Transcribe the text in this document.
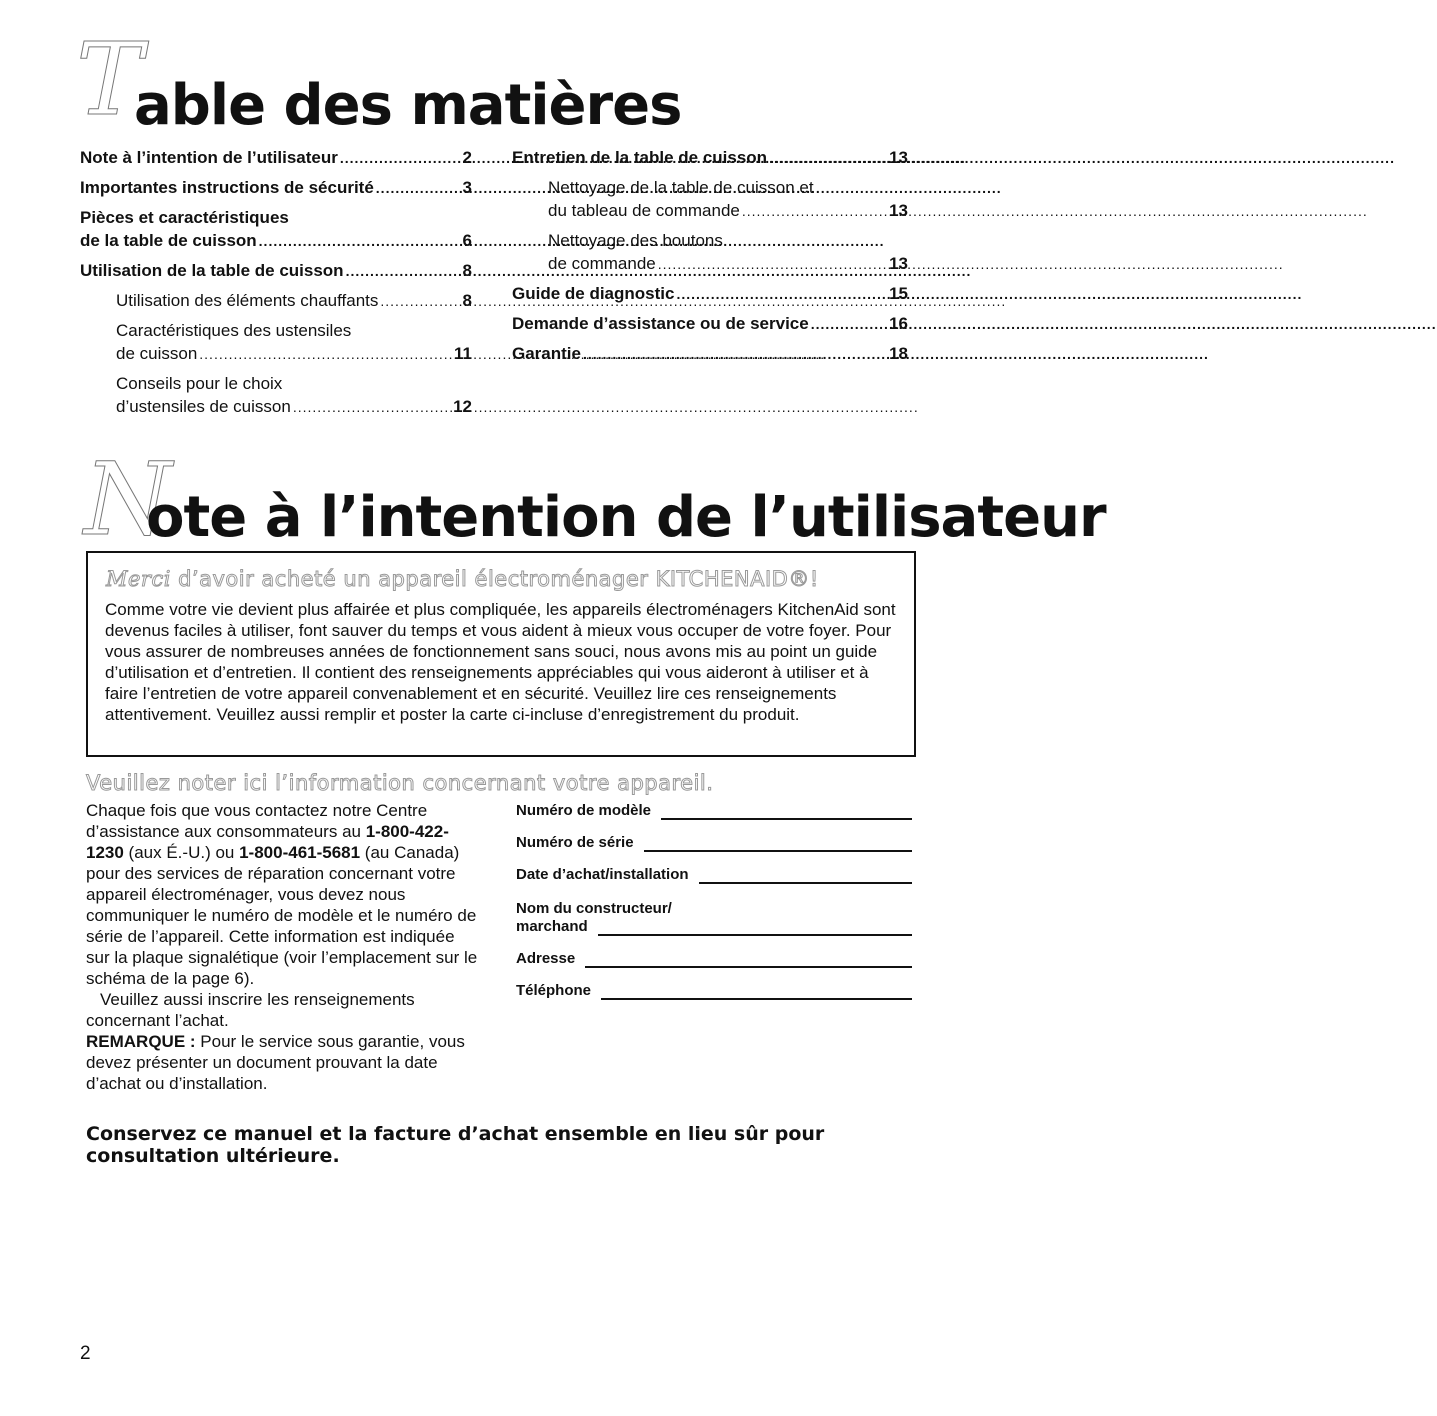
T
able des matières
Note à l’intention de l’utilisateur .....	2
Importantes instructions de sécurité .....	3
Pièces et caractéristiques
de la table de cuisson .....	6
Utilisation de la table de cuisson .....	8
Utilisation des éléments chauffants .....	8
Caractéristiques des ustensiles
de cuisson .....	11
Conseils pour le choix
d’ustensiles de cuisson .....	12
Entretien de la table de cuisson .....	13
Nettoyage de la table de cuisson et
du tableau de commande .....	13
Nettoyage des boutons
de commande .....	13
Guide de diagnostic .....	15
Demande d’assistance ou de service .....	16
Garantie .....	18
N
ote à l’intention de l’utilisateur
Merci d’avoir acheté un appareil électroménager KITCHENAID®!
Comme votre vie devient plus affairée et plus compliquée, les appareils électroménagers KitchenAid sont devenus faciles à utiliser, font sauver du temps et vous aident à mieux vous occuper de votre foyer. Pour vous assurer de nombreuses années de fonctionnement sans souci, nous avons mis au point un guide d’utilisation et d’entretien. Il contient des renseignements appréciables qui vous aideront à utiliser et à faire l’entretien de votre appareil convenablement et en sécurité. Veuillez lire ces renseignements attentivement. Veuillez aussi remplir et poster la carte ci-incluse d’enregistrement du produit.
Veuillez noter ici l’information concernant votre appareil.
Chaque fois que vous contactez notre Centre d’assistance aux consommateurs au 1-800-422-1230 (aux É.-U.) ou 1-800-461-5681 (au Canada) pour des services de réparation concernant votre appareil électroménager, vous devez nous communiquer le numéro de modèle et le numéro de série de l’appareil. Cette information est indiquée sur la plaque signalétique (voir l’emplacement sur le schéma de la page 6).
Veuillez aussi inscrire les renseignements concernant l’achat.
REMARQUE : Pour le service sous garantie, vous devez présenter un document prouvant la date d’achat ou d’installation.
Numéro de modèle
Numéro de série
Date d’achat/installation
Nom du constructeur/
marchand
Adresse
Téléphone
Conservez ce manuel et la facture d’achat ensemble en lieu sûr pour consultation ultérieure.
2
